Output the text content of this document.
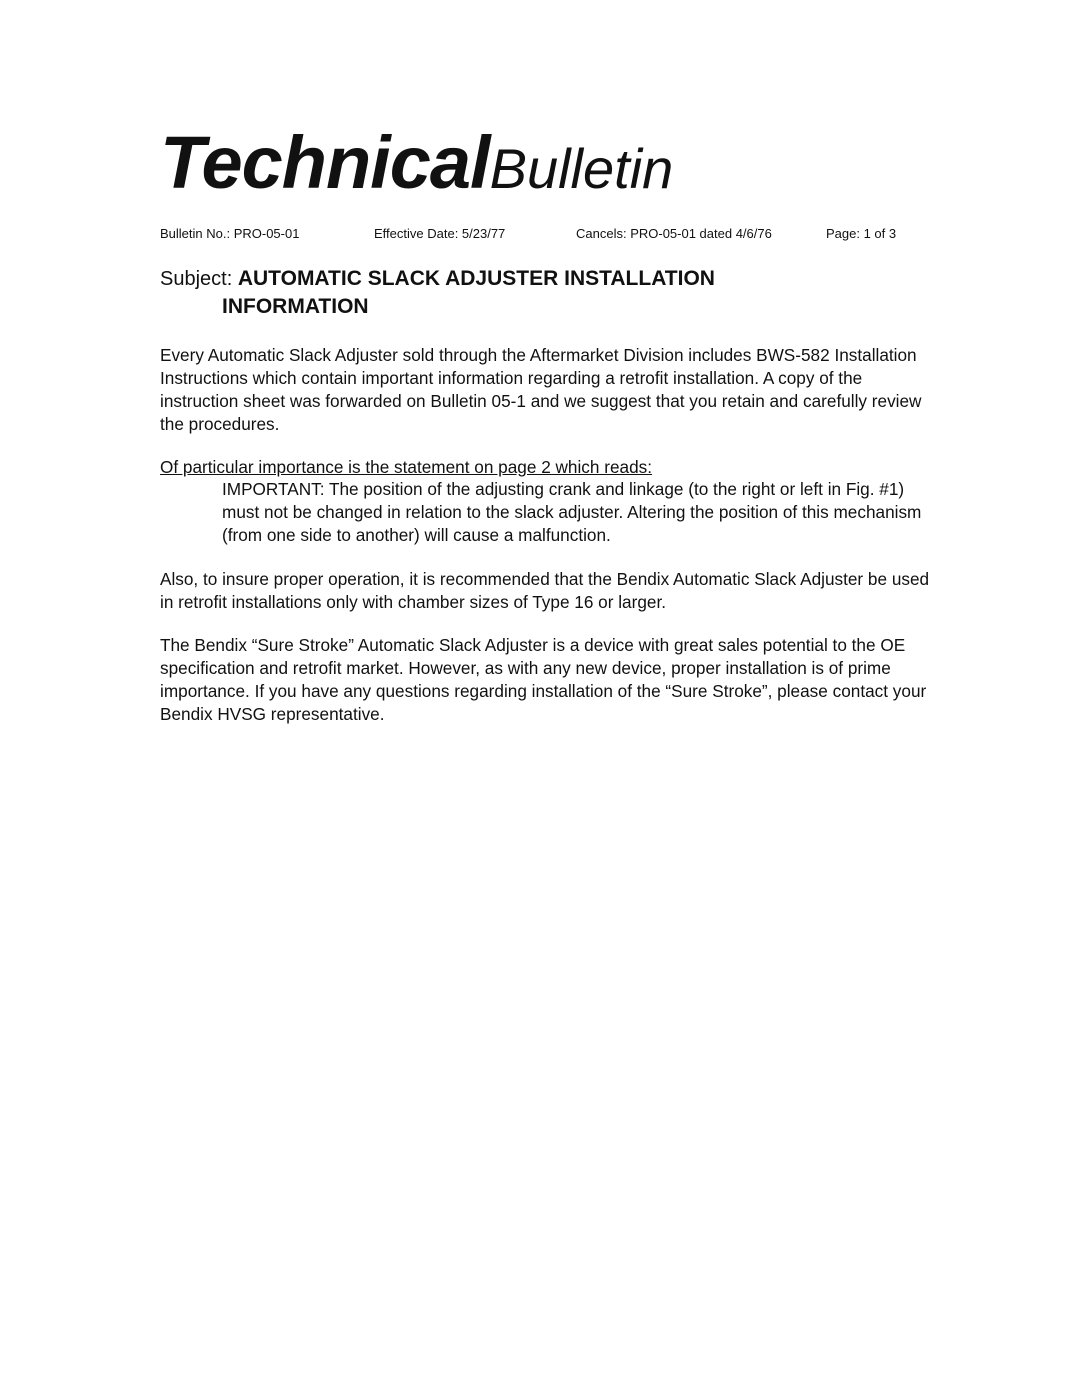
TechnicalBulletin
Bulletin No.: PRO-05-01	Effective Date: 5/23/77	Cancels: PRO-05-01 dated 4/6/76	Page: 1 of 3
Subject: AUTOMATIC SLACK ADJUSTER INSTALLATION
INFORMATION

Every Automatic Slack Adjuster sold through the Aftermarket Division includes BWS-582 Installation Instructions which contain important information regarding a retrofit installation. A copy of the instruction sheet was forwarded on Bulletin 05-1 and we suggest that you retain and carefully review the procedures.

Of particular importance is the statement on page 2 which reads:

IMPORTANT: The position of the adjusting crank and linkage (to the right or left in Fig. #1) must not be changed in relation to the slack adjuster. Altering the position of this mechanism (from one side to another) will cause a malfunction.

Also, to insure proper operation, it is recommended that the Bendix Automatic Slack Adjuster be used in retrofit installations only with chamber sizes of Type 16 or larger.

The Bendix “Sure Stroke” Automatic Slack Adjuster is a device with great sales potential to the OE specification and retrofit market. However, as with any new device, proper installation is of prime importance. If you have any questions regarding installation of the “Sure Stroke”, please contact your Bendix HVSG representative.
